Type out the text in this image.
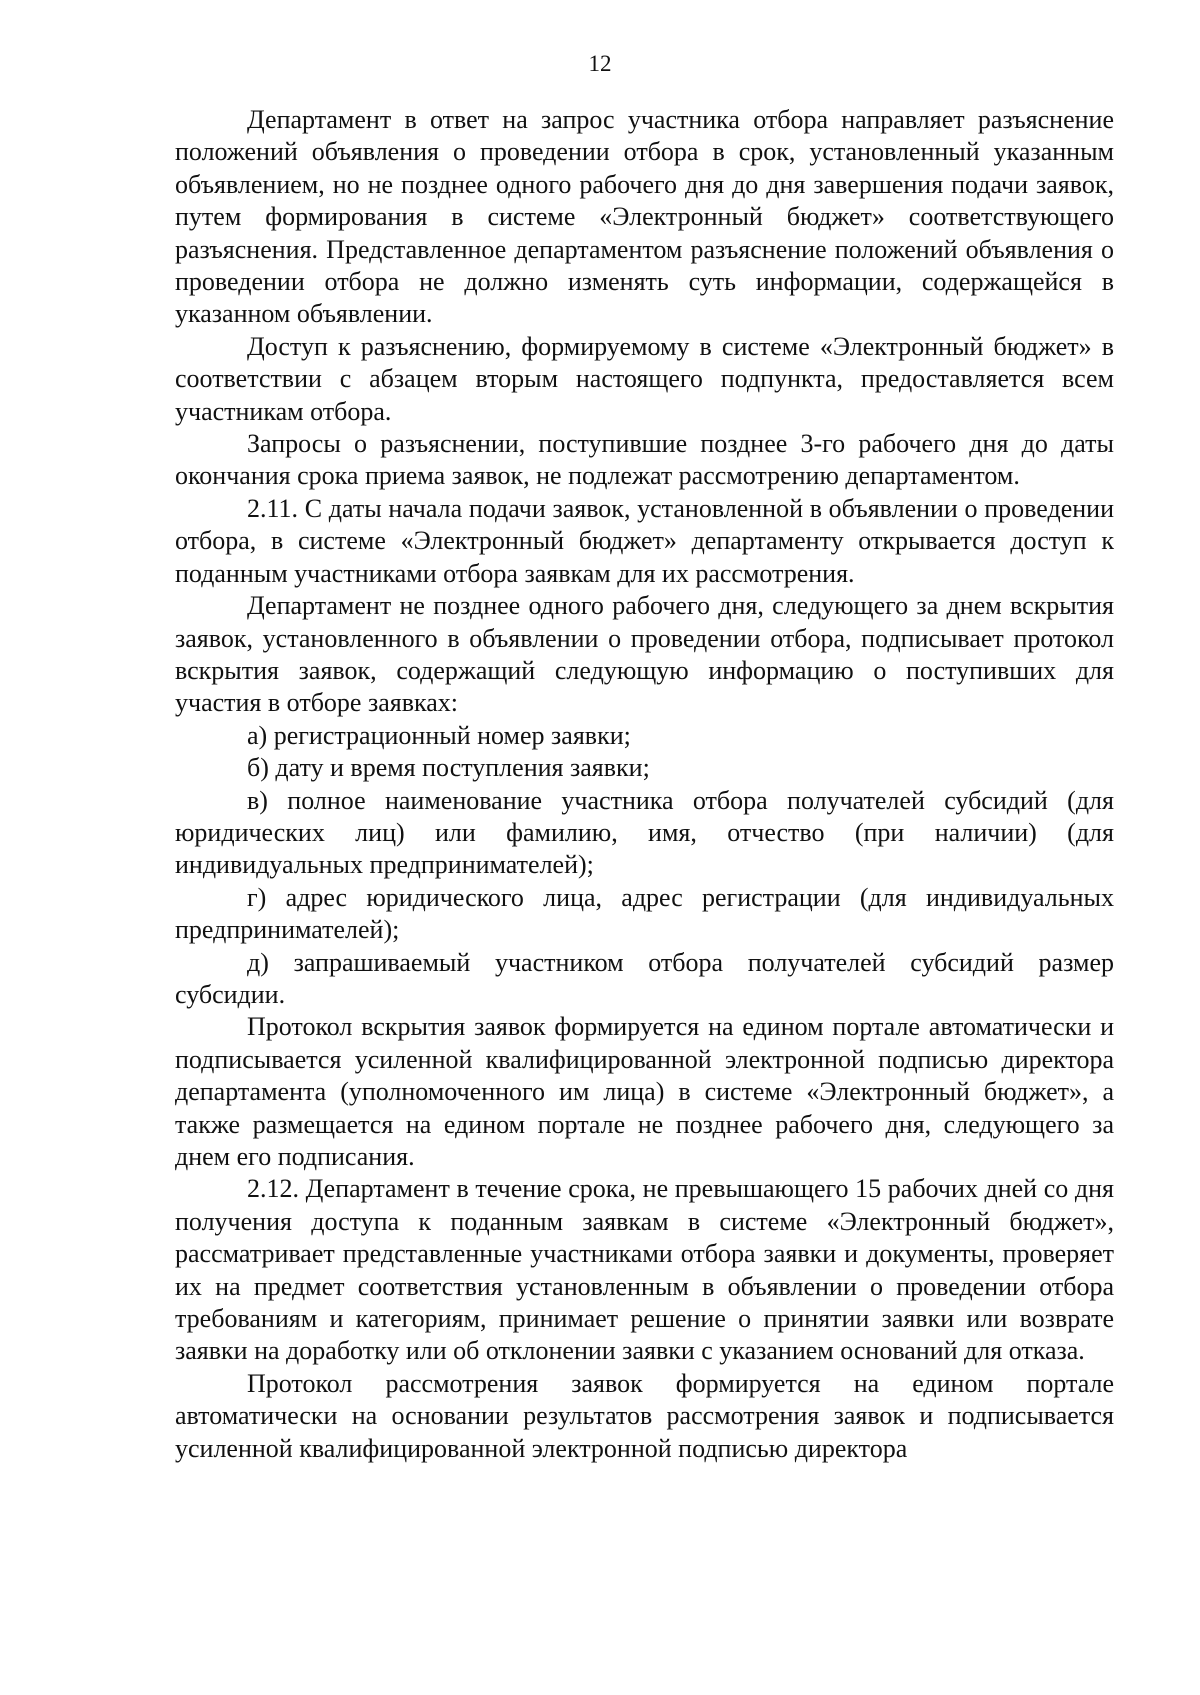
12

Департамент в ответ на запрос участника отбора направляет разъяснение положений объявления о проведении отбора в срок, установленный указанным объявлением, но не позднее одного рабочего дня до дня завершения подачи заявок, путем формирования в системе «Электронный бюджет» соответствующего разъяснения. Представленное департаментом разъяснение положений объявления о проведении отбора не должно изменять суть информации, содержащейся в указанном объявлении.

Доступ к разъяснению, формируемому в системе «Электронный бюджет» в соответствии с абзацем вторым настоящего подпункта, предоставляется всем участникам отбора.

Запросы о разъяснении, поступившие позднее 3-го рабочего дня до даты окончания срока приема заявок, не подлежат рассмотрению департаментом.

2.11. С даты начала подачи заявок, установленной в объявлении о проведении отбора, в системе «Электронный бюджет» департаменту открывается доступ к поданным участниками отбора заявкам для их рассмотрения.

Департамент не позднее одного рабочего дня, следующего за днем вскрытия заявок, установленного в объявлении о проведении отбора, подписывает протокол вскрытия заявок, содержащий следующую информацию о поступивших для участия в отборе заявках:

а) регистрационный номер заявки;

б) дату и время поступления заявки;

в) полное наименование участника отбора получателей субсидий (для юридических лиц) или фамилию, имя, отчество (при наличии) (для индивидуальных предпринимателей);

г) адрес юридического лица, адрес регистрации (для индивидуальных предпринимателей);

д) запрашиваемый участником отбора получателей субсидий размер субсидии.

Протокол вскрытия заявок формируется на едином портале автоматически и подписывается усиленной квалифицированной электронной подписью директора департамента (уполномоченного им лица) в системе «Электронный бюджет», а также размещается на едином портале не позднее рабочего дня, следующего за днем его подписания.

2.12. Департамент в течение срока, не превышающего 15 рабочих дней со дня получения доступа к поданным заявкам в системе «Электронный бюджет», рассматривает представленные участниками отбора заявки и документы, проверяет их на предмет соответствия установленным в объявлении о проведении отбора требованиям и категориям, принимает решение о принятии заявки или возврате заявки на доработку или об отклонении заявки с указанием оснований для отказа.

Протокол рассмотрения заявок формируется на едином портале автоматически на основании результатов рассмотрения заявок и подписывается усиленной квалифицированной электронной подписью директора
